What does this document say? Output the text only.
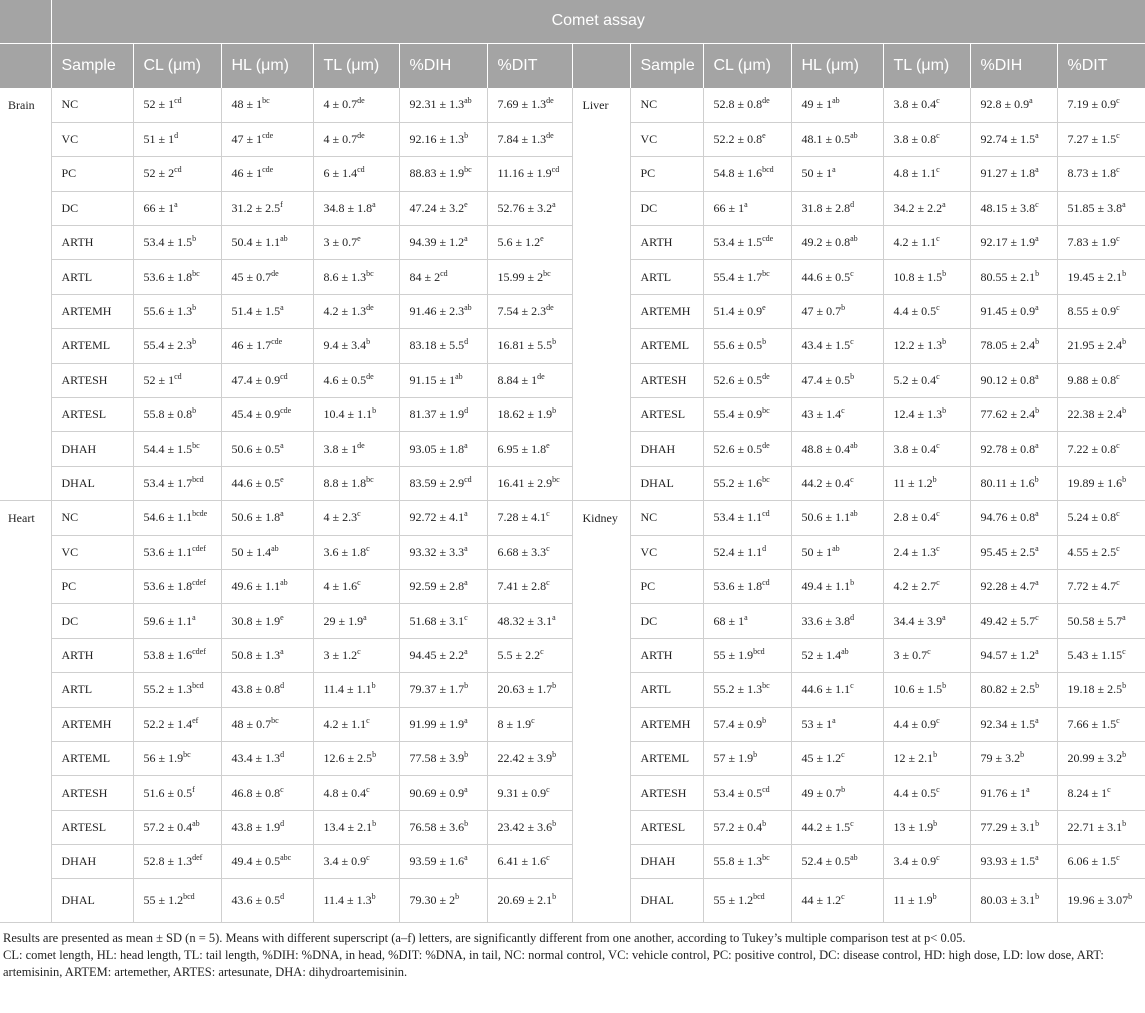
	Comet assay												
	Sample	CL (μm)	HL (μm)	TL (μm)	%DIH	%DIT		Sample	CL (μm)	HL (μm)	TL (μm)	%DIH	%DIT
Brain	NC	$52 \pm 1^{cd}$	$48 \pm 1^{bc}$	4 ± 0.7de	92.31 ± 1.3$^{ab}$	7.69 ± 1.3de	Liver	NC	52.8 ± 0.8de	$49 \pm 1^{ab}$	3.8 ± 0.4$^c$	92.8 ± 0.9$^a$	7.19 ± 0.9$^c$
	VC	$51 \pm 1^d$	$47 \pm 1^{cde}$	4 ± 0.7de	92.16 ± 1.3$^b$	7.84 ± 1.3de		VC	52.2 ± 0.8$^e$	48.1 ± 0.5$^{ab}$	3.8 ± 0.8$^c$	92.74 ± 1.5$^a$	7.27 ± 1.5$^c$
	PC	$52 \pm 2^{cd}$	$46 \pm 1^{cde}$	6 ± 1.4$^{cd}$	88.83 ± 1.9$^{bc}$	11.16 ± 1.9$^{cd}$		PC	54.8 ± 1.6$^{bcd}$	$50 \pm 1^a$	4.8 ± 1.1$^c$	91.27 ± 1.8$^a$	8.73 ± 1.8$^c$
	DC	$66 \pm 1^a$	31.2 ± 2.5$^f$	34.8 ± 1.8$^a$	47.24 ± 3.2$^e$	52.76 ± 3.2$^a$		DC	$66 \pm 1^a$	31.8 ± 2.8$^d$	34.2 ± 2.2$^a$	48.15 ± 3.8$^c$	51.85 ± 3.8$^a$
	ARTH	53.4 ± 1.5$^b$	50.4 ± 1.1$^{ab}$	3 ± 0.7$^e$	94.39 ± 1.2$^a$	5.6 ± 1.2$^e$		ARTH	53.4 ± 1.5$^{cde}$	49.2 ± 0.8$^{ab}$	4.2 ± 1.1$^c$	92.17 ± 1.9$^a$	7.83 ± 1.9$^c$
	ARTL	53.6 ± 1.8$^{bc}$	45 ± 0.7de	8.6 ± 1.3$^{bc}$	$84 \pm 2^{cd}$	$15.99 \pm 2^{bc}$		ARTL	55.4 ± 1.7$^{bc}$	44.6 ± 0.5$^c$	10.8 ± 1.5$^b$	80.55 ± 2.1$^b$	19.45 ± 2.1$^b$
	ARTEMH	55.6 ± 1.3$^b$	51.4 ± 1.5$^a$	4.2 ± 1.3de	91.46 ± 2.3$^{ab}$	7.54 ± 2.3de		ARTEMH	51.4 ± 0.9$^e$	47 ± 0.7$^b$	4.4 ± 0.5$^c$	91.45 ± 0.9$^a$	8.55 ± 0.9$^c$
	ARTEML	55.4 ± 2.3$^b$	46 ± 1.7$^{cde}$	9.4 ± 3.4$^b$	83.18 ± 5.5$^d$	16.81 ± 5.5$^b$		ARTEML	55.6 ± 0.5$^b$	43.4 ± 1.5$^c$	12.2 ± 1.3$^b$	78.05 ± 2.4$^b$	21.95 ± 2.4$^b$
	ARTESH	$52 \pm 1^{cd}$	47.4 ± 0.9$^{cd}$	4.6 ± 0.5de	$91.15 \pm 1^{ab}$	8.84 ± 1de		ARTESH	52.6 ± 0.5de	47.4 ± 0.5$^b$	5.2 ± 0.4$^c$	90.12 ± 0.8$^a$	9.88 ± 0.8$^c$
	ARTESL	55.8 ± 0.8$^b$	45.4 ± 0.9$^{cde}$	10.4 ± 1.1$^b$	81.37 ± 1.9$^d$	18.62 ± 1.9$^b$		ARTESL	55.4 ± 0.9$^{bc}$	43 ± 1.4$^c$	12.4 ± 1.3$^b$	77.62 ± 2.4$^b$	22.38 ± 2.4$^b$
	DHAH	54.4 ± 1.5$^{bc}$	50.6 ± 0.5$^a$	3.8 ± 1de	93.05 ± 1.8$^a$	6.95 ± 1.8$^e$		DHAH	52.6 ± 0.5de	48.8 ± 0.4$^{ab}$	3.8 ± 0.4$^c$	92.78 ± 0.8$^a$	7.22 ± 0.8$^c$
	DHAL	53.4 ± 1.7$^{bcd}$	44.6 ± 0.5$^e$	8.8 ± 1.8$^{bc}$	83.59 ± 2.9$^{cd}$	16.41 ± 2.9$^{bc}$		DHAL	55.2 ± 1.6$^{bc}$	44.2 ± 0.4$^c$	11 ± 1.2$^b$	80.11 ± 1.6$^b$	19.89 ± 1.6$^b$
Heart	NC	$54.6 \pm 1.1^{bcde}$	50.6 ± 1.8$^a$	4 ± 2.3$^c$	92.72 ± 4.1$^a$	7.28 ± 4.1$^c$	Kidney	NC	53.4 ± 1.1$^{cd}$	50.6 ± 1.1$^{ab}$	2.8 ± 0.4$^c$	94.76 ± 0.8$^a$	5.24 ± 0.8$^c$
	VC	$53.6 \pm 1.1^{cdef}$	50 ± 1.4$^{ab}$	3.6 ± 1.8$^c$	93.32 ± 3.3$^a$	6.68 ± 3.3$^c$		VC	52.4 ± 1.1$^d$	$50 \pm 1^{ab}$	2.4 ± 1.3$^c$	95.45 ± 2.5$^a$	4.55 ± 2.5$^c$
	PC	$53.6 \pm 1.8^{cdef}$	49.6 ± 1.1$^{ab}$	4 ± 1.6$^c$	92.59 ± 2.8$^a$	7.41 ± 2.8$^c$		PC	53.6 ± 1.8$^{cd}$	49.4 ± 1.1$^b$	4.2 ± 2.7$^c$	92.28 ± 4.7$^a$	7.72 ± 4.7$^c$
	DC	59.6 ± 1.1$^a$	30.8 ± 1.9$^e$	29 ± 1.9$^a$	51.68 ± 3.1$^c$	48.32 ± 3.1$^a$		DC	$68 \pm 1^a$	33.6 ± 3.8$^d$	34.4 ± 3.9$^a$	49.42 ± 5.7$^c$	50.58 ± 5.7$^a$
	ARTH	$53.8 \pm 1.6^{cdef}$	50.8 ± 1.3$^a$	3 ± 1.2$^c$	94.45 ± 2.2$^a$	5.5 ± 2.2$^c$		ARTH	55 ± 1.9$^{bcd}$	52 ± 1.4$^{ab}$	3 ± 0.7$^c$	94.57 ± 1.2$^a$	5.43 ± 1.15$^c$
	ARTL	55.2 ± 1.3$^{bcd}$	43.8 ± 0.8$^d$	11.4 ± 1.1$^b$	79.37 ± 1.7$^b$	20.63 ± 1.7$^b$		ARTL	55.2 ± 1.3$^{bc}$	44.6 ± 1.1$^c$	10.6 ± 1.5$^b$	80.82 ± 2.5$^b$	19.18 ± 2.5$^b$
	ARTEMH	52.2 ± 1.4$^{ef}$	48 ± 0.7$^{bc}$	4.2 ± 1.1$^c$	91.99 ± 1.9$^a$	8 ± 1.9$^c$		ARTEMH	57.4 ± 0.9$^b$	$53 \pm 1^a$	4.4 ± 0.9$^c$	92.34 ± 1.5$^a$	7.66 ± 1.5$^c$
	ARTEML	56 ± 1.9$^{bc}$	43.4 ± 1.3$^d$	12.6 ± 2.5$^b$	77.58 ± 3.9$^b$	22.42 ± 3.9$^b$		ARTEML	57 ± 1.9$^b$	45 ± 1.2$^c$	12 ± 2.1$^b$	79 ± 3.2$^b$	20.99 ± 3.2$^b$
	ARTESH	51.6 ± 0.5$^f$	46.8 ± 0.8$^c$	4.8 ± 0.4$^c$	90.69 ± 0.9$^a$	9.31 ± 0.9$^c$		ARTESH	53.4 ± 0.5$^{cd}$	49 ± 0.7$^b$	4.4 ± 0.5$^c$	$91.76 \pm 1^a$	$8.24 \pm 1^c$
	ARTESL	57.2 ± 0.4$^{ab}$	43.8 ± 1.9$^d$	13.4 ± 2.1$^b$	76.58 ± 3.6$^b$	23.42 ± 3.6$^b$		ARTESL	57.2 ± 0.4$^b$	44.2 ± 1.5$^c$	13 ± 1.9$^b$	77.29 ± 3.1$^b$	22.71 ± 3.1$^b$
	DHAH	52.8 ± 1.3$^{def}$	49.4 ± 0.5$^{abc}$	3.4 ± 0.9$^c$	93.59 ± 1.6$^a$	6.41 ± 1.6$^c$		DHAH	55.8 ± 1.3$^{bc}$	52.4 ± 0.5$^{ab}$	3.4 ± 0.9$^c$	93.93 ± 1.5$^a$	6.06 ± 1.5$^c$
	DHAL	55 ± 1.2$^{bcd}$	43.6 ± 0.5$^d$	11.4 ± 1.3$^b$	$79.30 \pm 2^b$	20.69 ± 2.1$^b$		DHAL	55 ± 1.2$^{bcd}$	44 ± 1.2$^c$	11 ± 1.9$^b$	80.03 ± 3.1$^b$	19.96 ± 3.07$^b$

Results are presented as mean ± SD (n = 5). Means with different superscript (a–f) letters, are significantly different from one another, according to Tukey’s multiple comparison test at p< 0.05.

CL: comet length, HL: head length, TL: tail length, %DIH: %DNA, in head, %DIT: %DNA, in tail, NC: normal control, VC: vehicle control, PC: positive control, DC: disease control, HD: high dose, LD: low dose, ART: artemisinin, ARTEM: artemether, ARTES: artesunate, DHA: dihydroartemisinin.
